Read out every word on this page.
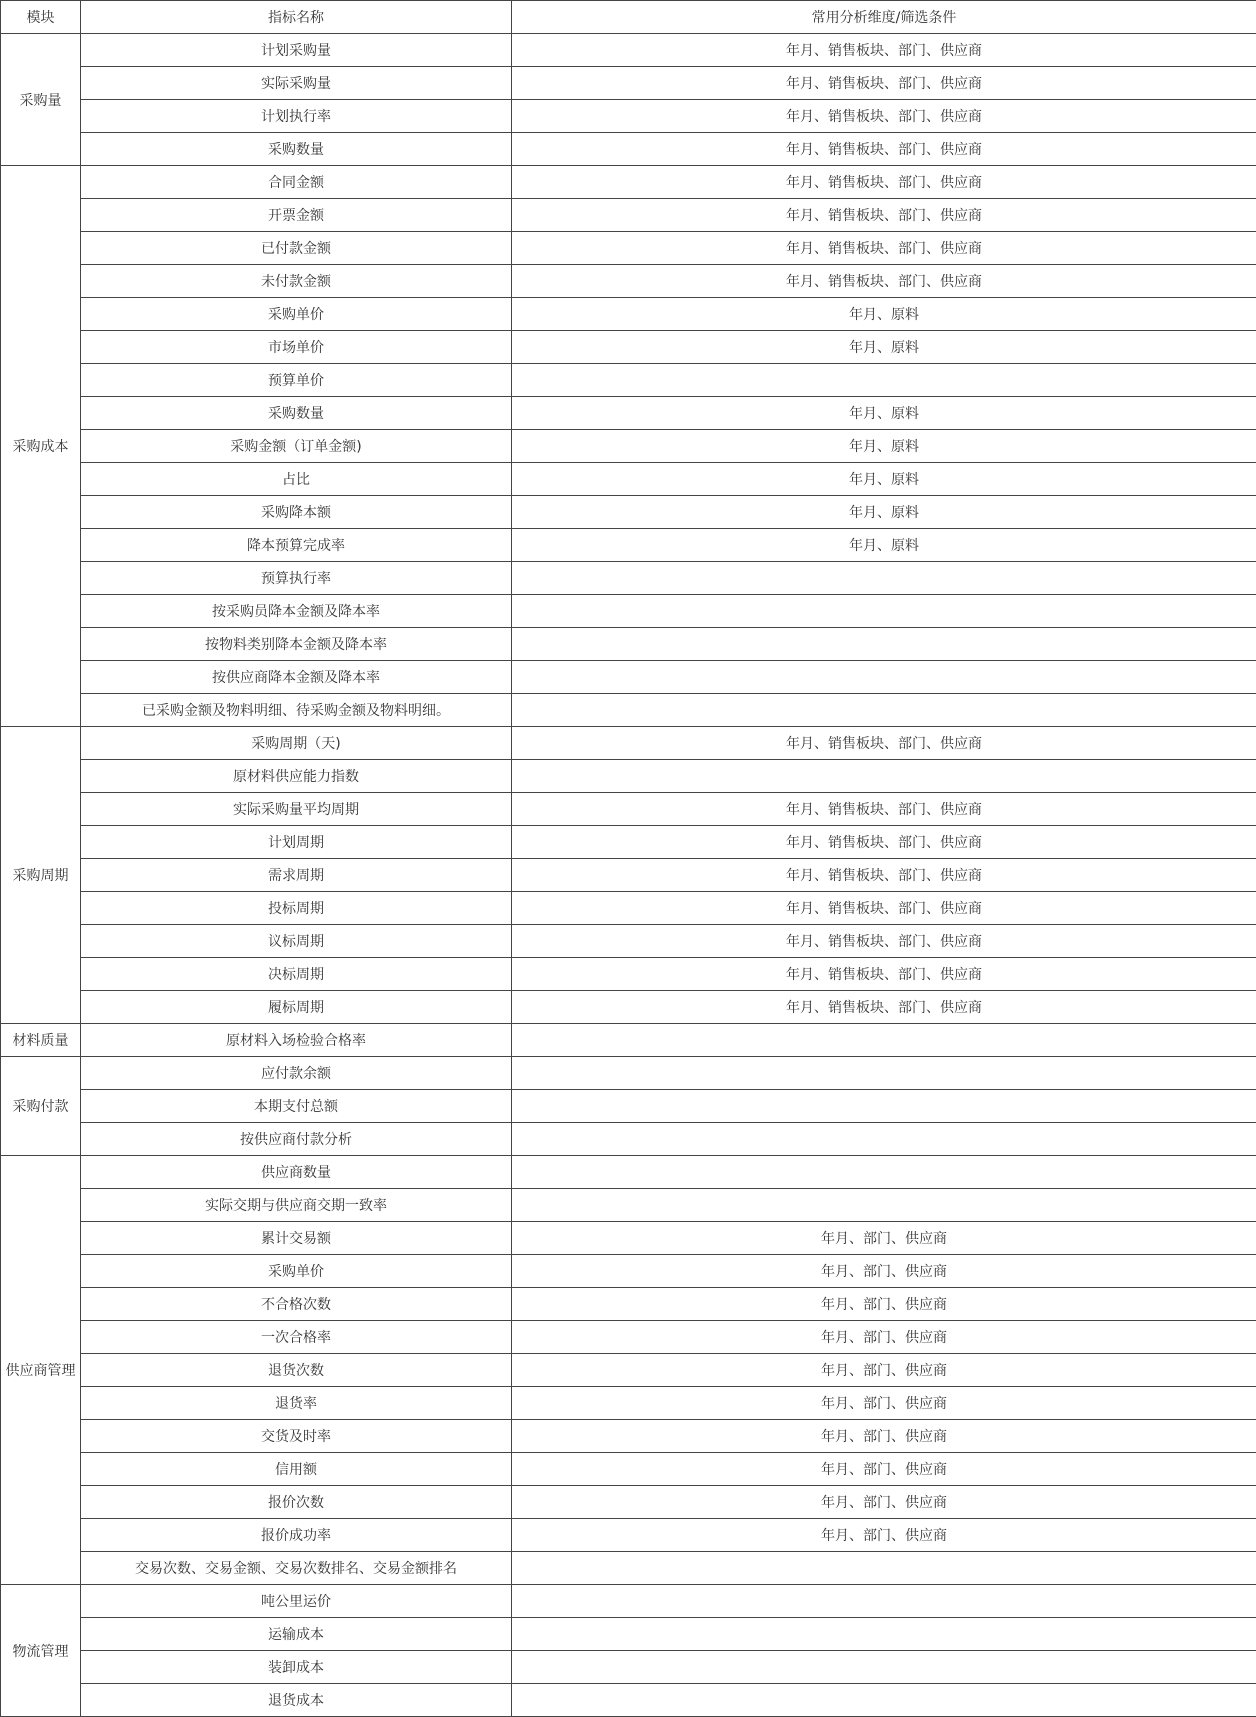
模块	指标名称	常用分析维度/筛选条件
采购量	计划采购量	年月、销售板块、部门、供应商
	实际采购量	年月、销售板块、部门、供应商
	计划执行率	年月、销售板块、部门、供应商
	采购数量	年月、销售板块、部门、供应商
采购成本	合同金额	年月、销售板块、部门、供应商
	开票金额	年月、销售板块、部门、供应商
	已付款金额	年月、销售板块、部门、供应商
	未付款金额	年月、销售板块、部门、供应商
	采购单价	年月、原料
	市场单价	年月、原料
	预算单价	
	采购数量	年月、原料
	采购金额（订单金额)	年月、原料
	占比	年月、原料
	采购降本额	年月、原料
	降本预算完成率	年月、原料
	预算执行率	
	按采购员降本金额及降本率	
	按物料类别降本金额及降本率	
	按供应商降本金额及降本率	
	已采购金额及物料明细、待采购金额及物料明细。	
采购周期	采购周期（天)	年月、销售板块、部门、供应商
	原材料供应能力指数	
	实际采购量平均周期	年月、销售板块、部门、供应商
	计划周期	年月、销售板块、部门、供应商
	需求周期	年月、销售板块、部门、供应商
	投标周期	年月、销售板块、部门、供应商
	议标周期	年月、销售板块、部门、供应商
	决标周期	年月、销售板块、部门、供应商
	履标周期	年月、销售板块、部门、供应商
材料质量	原材料入场检验合格率	
采购付款	应付款余额	
	本期支付总额	
	按供应商付款分析	
供应商管理	供应商数量	
	实际交期与供应商交期一致率	
	累计交易额	年月、部门、供应商
	采购单价	年月、部门、供应商
	不合格次数	年月、部门、供应商
	一次合格率	年月、部门、供应商
	退货次数	年月、部门、供应商
	退货率	年月、部门、供应商
	交货及时率	年月、部门、供应商
	信用额	年月、部门、供应商
	报价次数	年月、部门、供应商
	报价成功率	年月、部门、供应商
	交易次数、交易金额、交易次数排名、交易金额排名	
物流管理	吨公里运价	
	运输成本	
	装卸成本	
	退货成本	
